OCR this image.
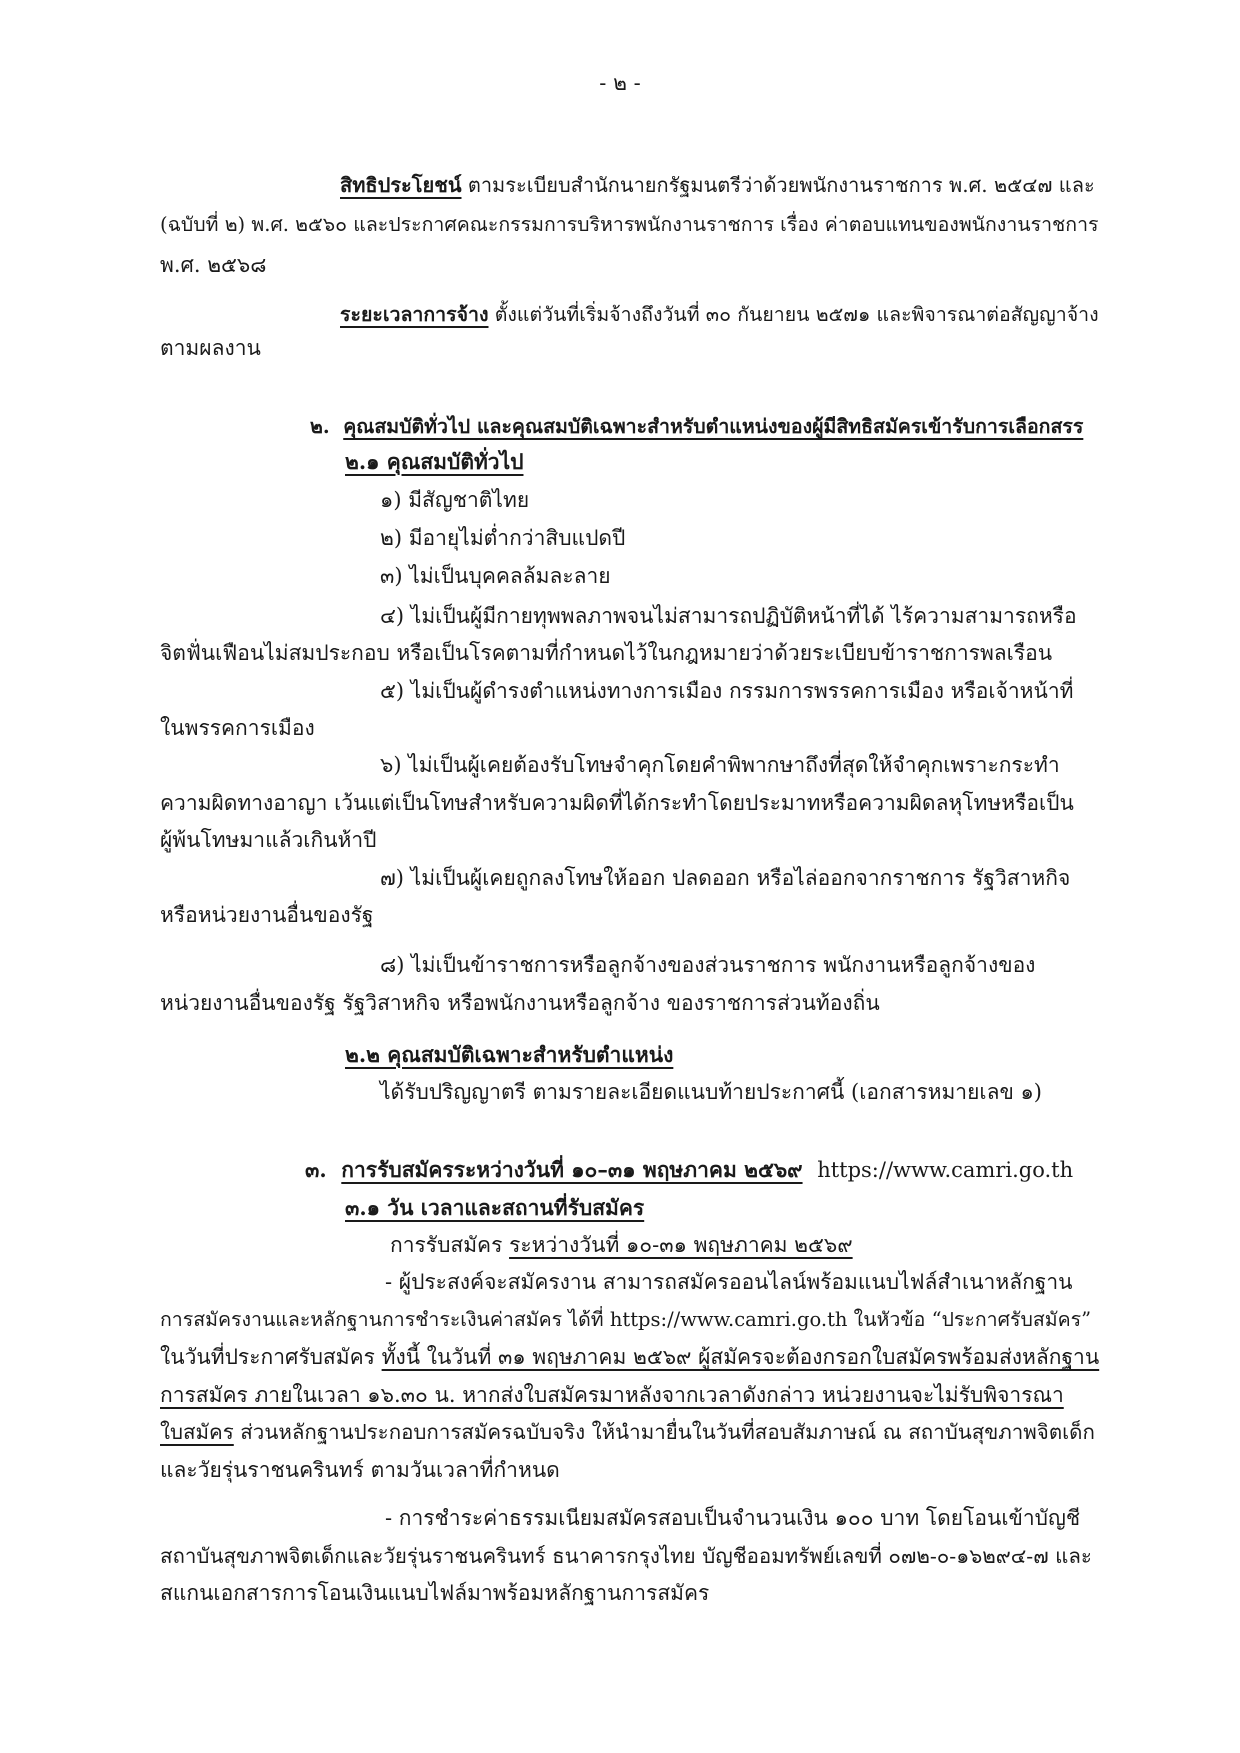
- ๒ -
สิทธิประโยชน์ ตามระเบียบสำนักนายกรัฐมนตรีว่าด้วยพนักงานราชการ พ.ศ. ๒๕๔๗ และ
(ฉบับที่ ๒) พ.ศ. ๒๕๖๐ และประกาศคณะกรรมการบริหารพนักงานราชการ เรื่อง ค่าตอบแทนของพนักงานราชการ
พ.ศ. ๒๕๖๘
ระยะเวลาการจ้าง ตั้งแต่วันที่เริ่มจ้างถึงวันที่ ๓๐ กันยายน ๒๕๗๑ และพิจารณาต่อสัญญาจ้าง
ตามผลงาน
๒. คุณสมบัติทั่วไป และคุณสมบัติเฉพาะสำหรับตำแหน่งของผู้มีสิทธิสมัครเข้ารับการเลือกสรร
๒.๑ คุณสมบัติทั่วไป
๑) มีสัญชาติไทย
๒) มีอายุไม่ต่ำกว่าสิบแปดปี
๓) ไม่เป็นบุคคลล้มละลาย
๔) ไม่เป็นผู้มีกายทุพพลภาพจนไม่สามารถปฏิบัติหน้าที่ได้ ไร้ความสามารถหรือ
จิตฟั่นเฟือนไม่สมประกอบ หรือเป็นโรคตามที่กำหนดไว้ในกฎหมายว่าด้วยระเบียบข้าราชการพลเรือน
๕) ไม่เป็นผู้ดำรงตำแหน่งทางการเมือง กรรมการพรรคการเมือง หรือเจ้าหน้าที่
ในพรรคการเมือง
๖) ไม่เป็นผู้เคยต้องรับโทษจำคุกโดยคำพิพากษาถึงที่สุดให้จำคุกเพราะกระทำ
ความผิดทางอาญา เว้นแต่เป็นโทษสำหรับความผิดที่ได้กระทำโดยประมาทหรือความผิดลหุโทษหรือเป็น
ผู้พ้นโทษมาแล้วเกินห้าปี
๗) ไม่เป็นผู้เคยถูกลงโทษให้ออก ปลดออก หรือไล่ออกจากราชการ รัฐวิสาหกิจ
หรือหน่วยงานอื่นของรัฐ
๘) ไม่เป็นข้าราชการหรือลูกจ้างของส่วนราชการ พนักงานหรือลูกจ้างของ
หน่วยงานอื่นของรัฐ รัฐวิสาหกิจ หรือพนักงานหรือลูกจ้าง ของราชการส่วนท้องถิ่น
๒.๒ คุณสมบัติเฉพาะสำหรับตำแหน่ง
ได้รับปริญญาตรี ตามรายละเอียดแนบท้ายประกาศนี้ (เอกสารหมายเลข ๑)
๓. การรับสมัครระหว่างวันที่ ๑๐–๓๑ พฤษภาคม ๒๕๖๙ https://www.camri.go.th
๓.๑ วัน เวลาและสถานที่รับสมัคร
การรับสมัคร ระหว่างวันที่ ๑๐-๓๑ พฤษภาคม ๒๕๖๙
- ผู้ประสงค์จะสมัครงาน สามารถสมัครออนไลน์พร้อมแนบไฟล์สำเนาหลักฐาน
การสมัครงานและหลักฐานการชำระเงินค่าสมัคร ได้ที่ https://www.camri.go.th ในหัวข้อ “ประกาศรับสมัคร”
ในวันที่ประกาศรับสมัคร ทั้งนี้ ในวันที่ ๓๑ พฤษภาคม ๒๕๖๙ ผู้สมัครจะต้องกรอกใบสมัครพร้อมส่งหลักฐาน
การสมัคร ภายในเวลา ๑๖.๓๐ น. หากส่งใบสมัครมาหลังจากเวลาดังกล่าว หน่วยงานจะไม่รับพิจารณา
ใบสมัคร ส่วนหลักฐานประกอบการสมัครฉบับจริง ให้นำมายื่นในวันที่สอบสัมภาษณ์ ณ สถาบันสุขภาพจิตเด็ก
และวัยรุ่นราชนครินทร์ ตามวันเวลาที่กำหนด
- การชำระค่าธรรมเนียมสมัครสอบเป็นจำนวนเงิน ๑๐๐ บาท โดยโอนเข้าบัญชี
สถาบันสุขภาพจิตเด็กและวัยรุ่นราชนครินทร์ ธนาคารกรุงไทย บัญชีออมทรัพย์เลขที่ ๐๗๒-๐-๑๖๒๙๔-๗ และ
สแกนเอกสารการโอนเงินแนบไฟล์มาพร้อมหลักฐานการสมัคร
